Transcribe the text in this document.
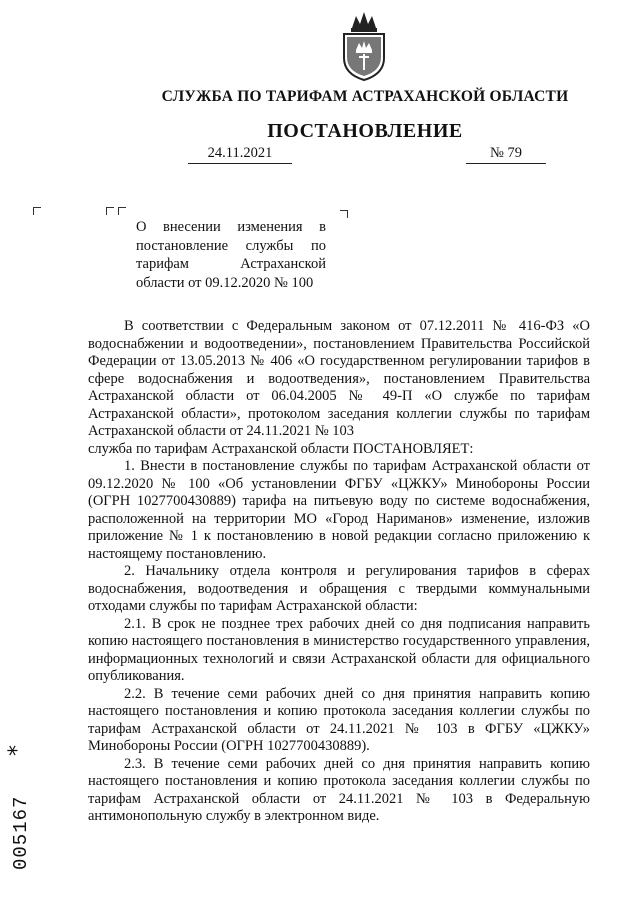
СЛУЖБА ПО ТАРИФАМ АСТРАХАНСКОЙ ОБЛАСТИ
ПОСТАНОВЛЕНИЕ
24.11.2021	№ 79

О внесении изменения в

постановление службы по

тарифам Астраханской

области от 09.12.2020 № 100

В соответствии с Федеральным законом от 07.12.2011 № 416-ФЗ «О водоснабжении и водоотведении», постановлением Правительства Российской Федерации от 13.05.2013 № 406 «О государственном регулировании тарифов в сфере водоснабжения и водоотведения», постановлением Правительства Астраханской области от 06.04.2005 № 49-П «О службе по тарифам Астраханской области», протоколом заседания коллегии службы по тарифам Астраханской области от 24.11.2021 № 103

служба по тарифам Астраханской области ПОСТАНОВЛЯЕТ:

1. Внести в постановление службы по тарифам Астраханской области от 09.12.2020 № 100 «Об установлении ФГБУ «ЦЖКУ» Минобороны России (ОГРН 1027700430889) тарифа на питьевую воду по системе водоснабжения, расположенной на территории МО «Город Нариманов» изменение, изложив приложение № 1 к постановлению в новой редакции согласно приложению к настоящему постановлению.

2. Начальнику отдела контроля и регулирования тарифов в сферах водоснабжения, водоотведения и обращения с твердыми коммунальными отходами службы по тарифам Астраханской области:

2.1. В срок не позднее трех рабочих дней со дня подписания направить копию настоящего постановления в министерство государственного управления, информационных технологий и связи Астраханской области для официального опубликования.

2.2. В течение семи рабочих дней со дня принятия направить копию настоящего постановления и копию протокола заседания коллегии службы по тарифам Астраханской области от 24.11.2021 № 103 в ФГБУ «ЦЖКУ» Минобороны России (ОГРН 1027700430889).

2.3. В течение семи рабочих дней со дня принятия направить копию настоящего постановления и копию протокола заседания коллегии службы по тарифам Астраханской области от 24.11.2021 № 103 в Федеральную антимонопольную службу в электронном виде.

*
005167
